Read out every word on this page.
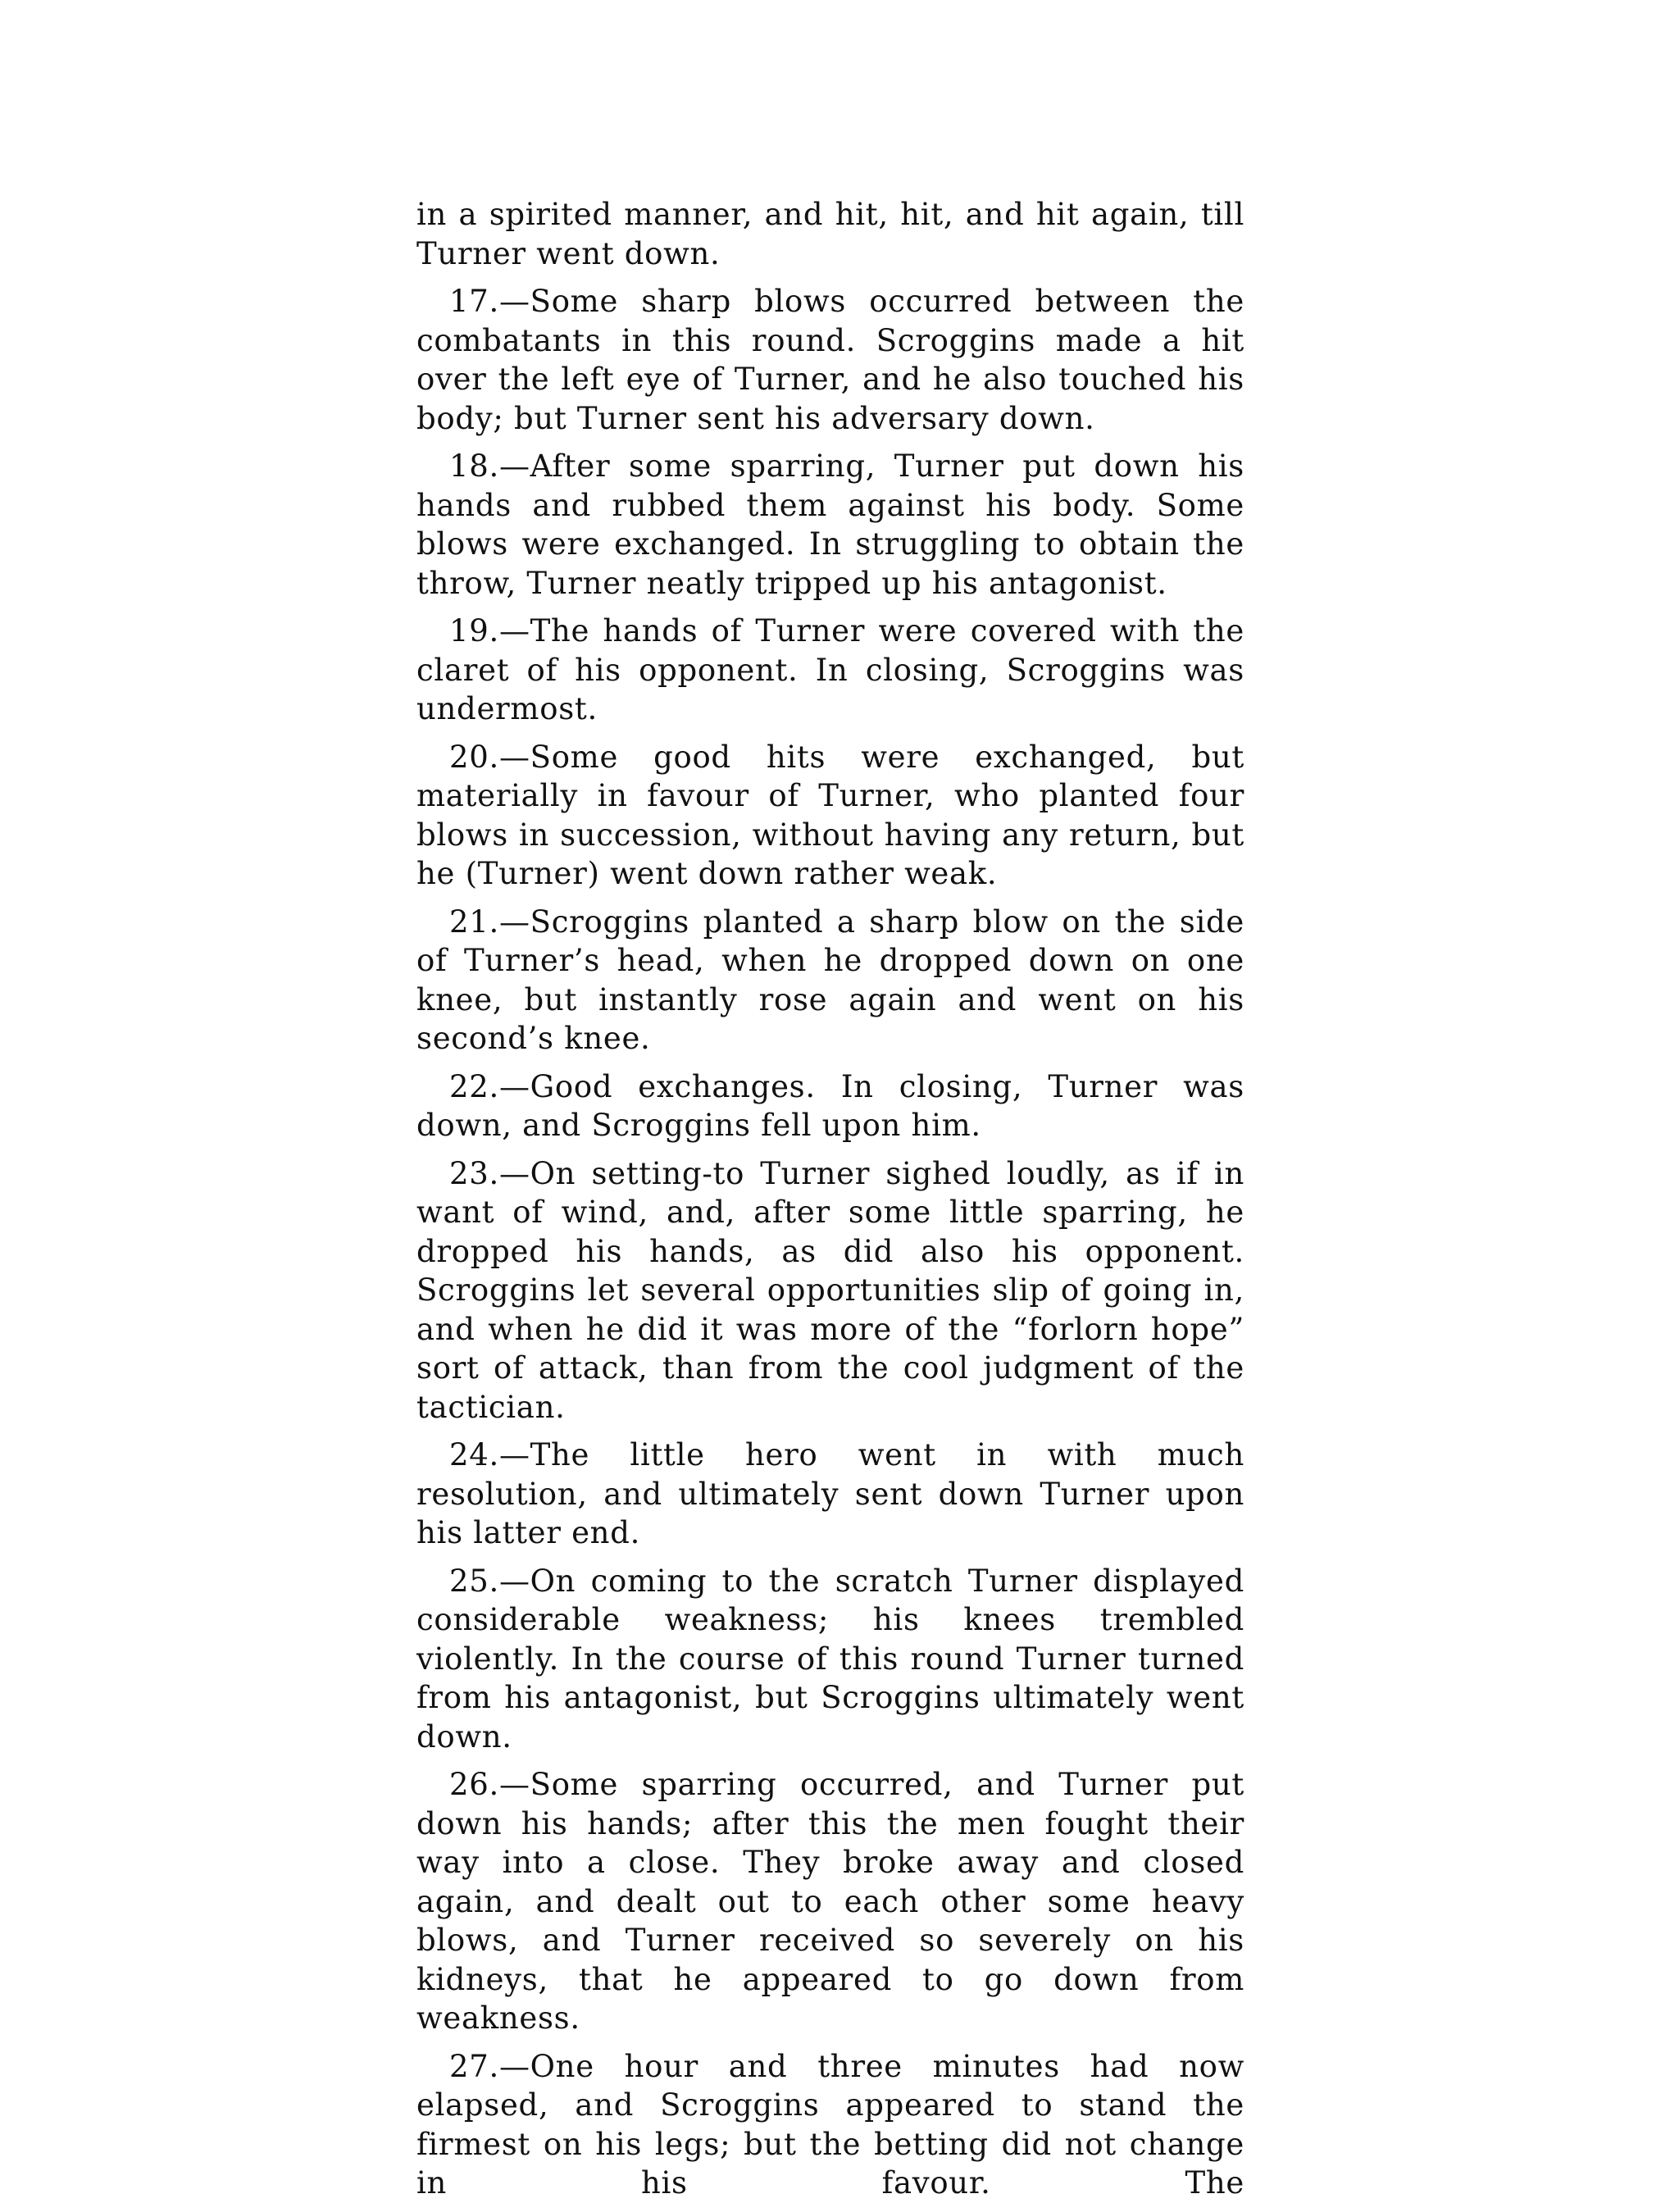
in a spirited manner, and hit, hit, and hit again, till Turner went down.

17.—Some sharp blows occurred between the combatants in this round. Scroggins made a hit over the left eye of Turner, and he also touched his body; but Turner sent his adversary down.

18.—After some sparring, Turner put down his hands and rubbed them against his body. Some blows were exchanged. In struggling to obtain the throw, Turner neatly tripped up his antagonist.

19.—The hands of Turner were covered with the claret of his opponent. In closing, Scroggins was undermost.

20.—Some good hits were exchanged, but materially in favour of Turner, who planted four blows in succession, without having any return, but he (Turner) went down rather weak.

21.—Scroggins planted a sharp blow on the side of Turner’s head, when he dropped down on one knee, but instantly rose again and went on his second’s knee.

22.—Good exchanges. In closing, Turner was down, and Scroggins fell upon him.

23.—On setting-to Turner sighed loudly, as if in want of wind, and, after some little sparring, he dropped his hands, as did also his opponent. Scroggins let several opportunities slip of going in, and when he did it was more of the “forlorn hope” sort of attack, than from the cool judgment of the tactician.

24.—The little hero went in with much resolution, and ultimately sent down Turner upon his latter end.

25.—On coming to the scratch Turner displayed considerable weakness; his knees trembled violently. In the course of this round Turner turned from his antagonist, but Scroggins ultimately went down.

26.—Some sparring occurred, and Turner put down his hands; after this the men fought their way into a close. They broke away and closed again, and dealt out to each other some heavy blows, and Turner received so severely on his kidneys, that he appeared to go down from weakness.

27.—One hour and three minutes had now elapsed, and Scroggins appeared to stand the firmest on his legs; but the betting did not change in his favour. The
